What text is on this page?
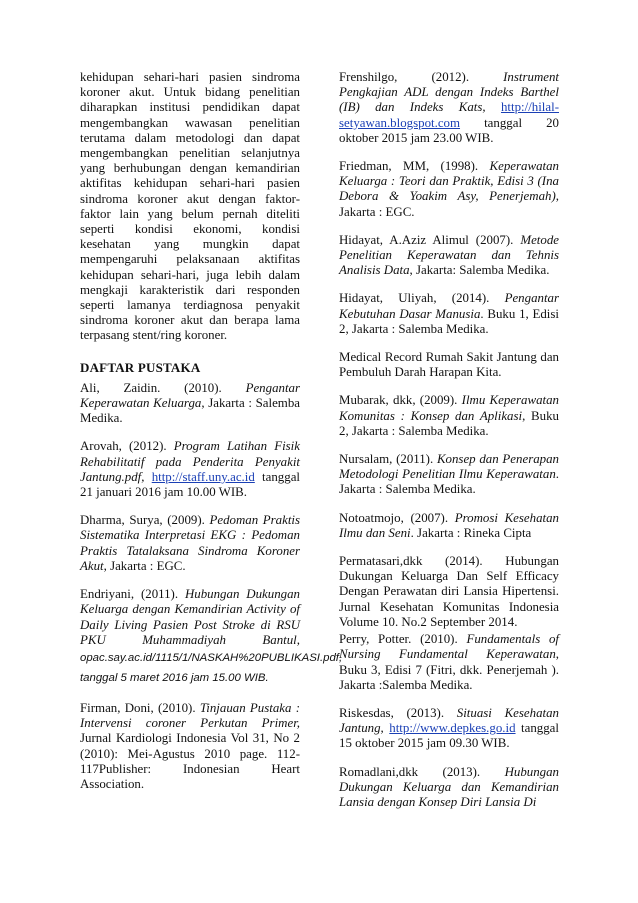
kehidupan sehari-hari pasien sindroma koroner akut. Untuk bidang penelitian diharapkan institusi pendidikan dapat mengembangkan wawasan penelitian terutama dalam metodologi dan dapat mengembangkan penelitian selanjutnya yang berhubungan dengan kemandirian aktifitas kehidupan sehari-hari pasien sindroma koroner akut dengan faktor-faktor lain yang belum pernah diteliti seperti kondisi ekonomi, kondisi kesehatan yang mungkin dapat mempengaruhi pelaksanaan aktifitas kehidupan sehari-hari, juga lebih dalam mengkaji karakteristik dari responden seperti lamanya terdiagnosa penyakit sindroma koroner akut dan berapa lama terpasang stent/ring koroner.

DAFTAR PUSTAKA

Ali, Zaidin. (2010). Pengantar Keperawatan Keluarga, Jakarta : Salemba Medika.

Arovah, (2012). Program Latihan Fisik Rehabilitatif pada Penderita Penyakit Jantung.pdf, http://staff.uny.ac.id tanggal 21 januari 2016 jam 10.00 WIB.

Dharma, Surya, (2009). Pedoman Praktis Sistematika Interpretasi EKG : Pedoman Praktis Tatalaksana Sindroma Koroner Akut, Jakarta : EGC.

Endriyani, (2011). Hubungan Dukungan Keluarga dengan Kemandirian Activity of Daily Living Pasien Post Stroke di RSU PKU Muhammadiyah Bantul, opac.say.ac.id/1115/1/NASKAH%20PUBLIKASI.pdf, tanggal 5 maret 2016 jam 15.00 WIB.

Firman, Doni, (2010). Tinjauan Pustaka : Intervensi coroner Perkutan Primer, Jurnal Kardiologi Indonesia Vol 31, No 2 (2010): Mei-Agustus 2010 page. 112-117Publisher: Indonesian Heart Association.

Frenshilgo, (2012). Instrument Pengkajian ADL dengan Indeks Barthel (IB) dan Indeks Kats, http://hilal-setyawan.blogspot.com tanggal 20 oktober 2015 jam 23.00 WIB.

Friedman, MM, (1998). Keperawatan Keluarga : Teori dan Praktik, Edisi 3 (Ina Debora & Yoakim Asy, Penerjemah), Jakarta : EGC.

Hidayat, A.Aziz Alimul (2007). Metode Penelitian Keperawatan dan Tehnis Analisis Data, Jakarta: Salemba Medika.

Hidayat, Uliyah, (2014). Pengantar Kebutuhan Dasar Manusia. Buku 1, Edisi 2, Jakarta : Salemba Medika.

Medical Record Rumah Sakit Jantung dan Pembuluh Darah Harapan Kita.

Mubarak, dkk, (2009). Ilmu Keperawatan Komunitas : Konsep dan Aplikasi, Buku 2, Jakarta : Salemba Medika.

Nursalam, (2011). Konsep dan Penerapan Metodologi Penelitian Ilmu Keperawatan. Jakarta : Salemba Medika.

Notoatmojo, (2007). Promosi Kesehatan Ilmu dan Seni. Jakarta : Rineka Cipta

Permatasari,dkk (2014). Hubungan Dukungan Keluarga Dan Self Efficacy Dengan Perawatan diri Lansia Hipertensi. Jurnal Kesehatan Komunitas Indonesia Volume 10. No.2 September 2014.

Perry, Potter. (2010). Fundamentals of Nursing Fundamental Keperawatan, Buku 3, Edisi 7 (Fitri, dkk. Penerjemah ). Jakarta :Salemba Medika.

Riskesdas, (2013). Situasi Kesehatan Jantung, http://www.depkes.go.id tanggal 15 oktober 2015 jam 09.30 WIB.

Romadlani,dkk (2013). Hubungan Dukungan Keluarga dan Kemandirian Lansia dengan Konsep Diri Lansia Di
